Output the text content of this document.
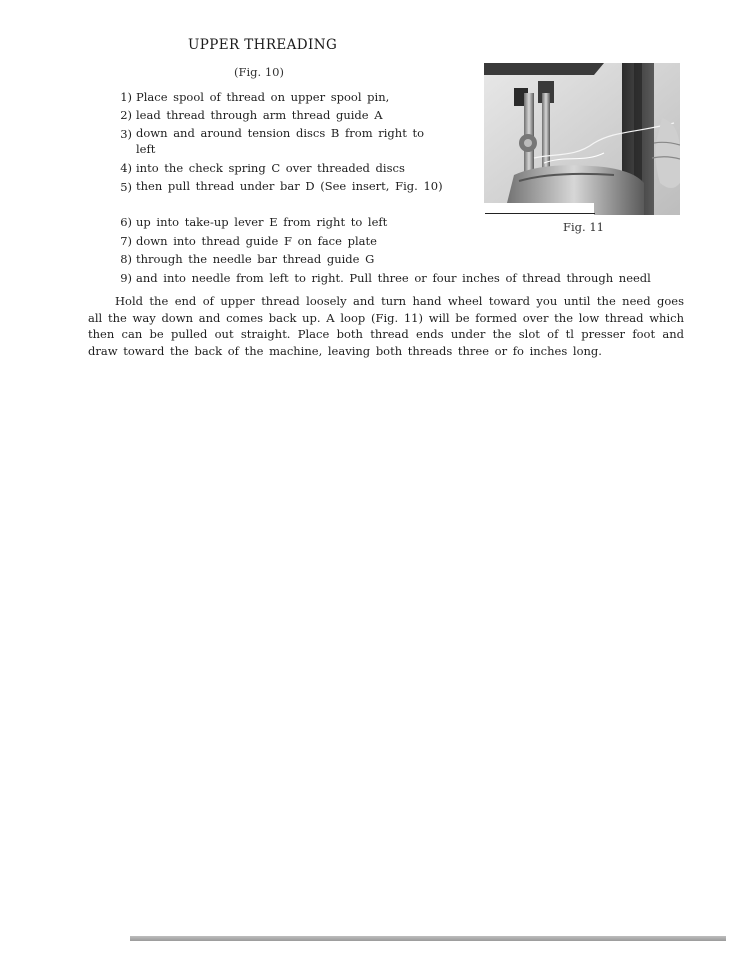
UPPER THREADING
(Fig. 10)
1) Place spool of thread on upper spool pin,
2) lead thread through arm thread guide A
3) down and around tension discs B from right to left
4) into the check spring C over threaded discs
5) then pull thread under bar D (See insert, Fig. 10)
6) up into take-up lever E from right to left
7) down into thread guide F on face plate
8) through the needle bar thread guide G
9) and into needle from left to right. Pull three or four inches of thread through needl
Fig. 11
Hold the end of upper thread loosely and turn hand wheel toward you until the need goes all the way down and comes back up. A loop (Fig. 11) will be formed over the low thread which then can be pulled out straight. Place both thread ends under the slot of tl presser foot and draw toward the back of the machine, leaving both threads three or fo inches long.
